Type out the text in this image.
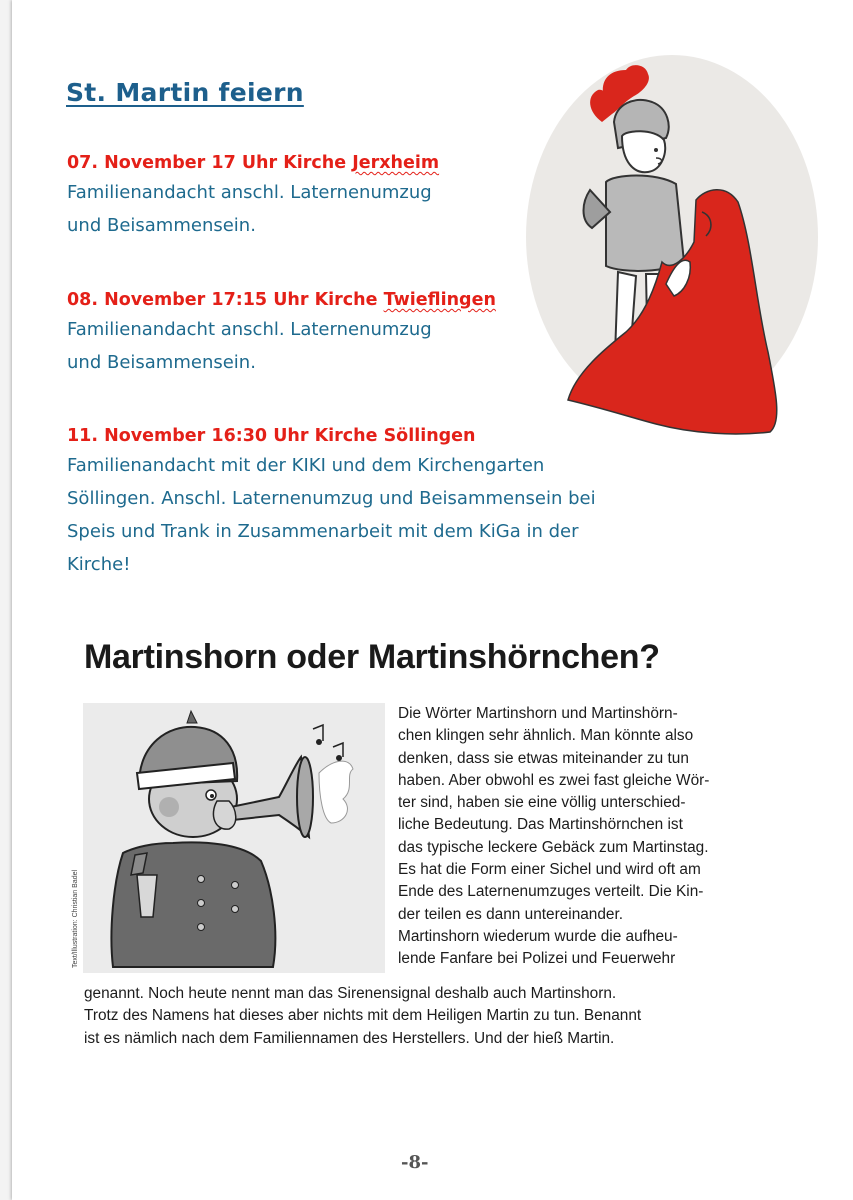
St. Martin feiern
07. November 17 Uhr Kirche Jerxheim
Familienandacht anschl. Laternenumzug
und Beisammensein.
08. November 17:15 Uhr Kirche Twieflingen
Familienandacht anschl. Laternenumzug
und Beisammensein.
11. November 16:30 Uhr Kirche Söllingen
Familienandacht mit der KIKI und dem Kirchengarten
Söllingen. Anschl. Laternenumzug und Beisammensein bei
Speis und Trank in Zusammenarbeit mit dem KiGa in der
Kirche!
Martinshorn oder Martinshörnchen?
Text/Illustration: Christian Badel
Die Wörter Martinshorn und Martinshörn-
chen klingen sehr ähnlich. Man könnte also
denken, dass sie etwas miteinander zu tun
haben. Aber obwohl es zwei fast gleiche Wör-
ter sind, haben sie eine völlig unterschied-
liche Bedeutung. Das Martinshörnchen ist
das typische leckere Gebäck zum Martinstag.
Es hat die Form einer Sichel und wird oft am
Ende des Laternenumzuges verteilt. Die Kin-
der teilen es dann untereinander.
Martinshorn wiederum wurde die aufheu-
lende Fanfare bei Polizei und Feuerwehr
genannt. Noch heute nennt man das Sirenensignal deshalb auch Martinshorn.
Trotz des Namens hat dieses aber nichts mit dem Heiligen Martin zu tun. Benannt
ist es nämlich nach dem Familiennamen des Herstellers. Und der hieß Martin.
-8-
